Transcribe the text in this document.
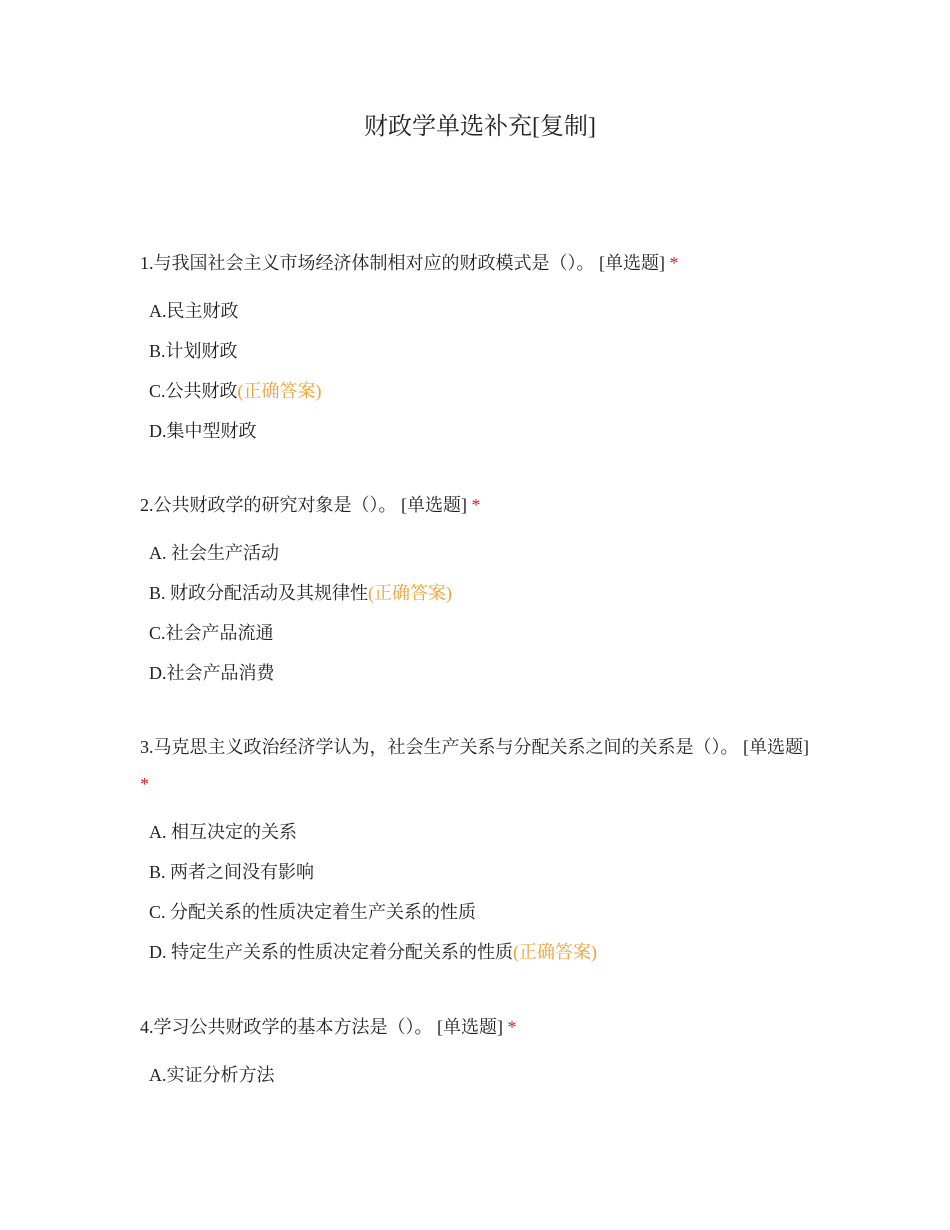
财政学单选补充[复制]

1.与我国社会主义市场经济体制相对应的财政模式是（）。 [单选题] *

A.民主财政
B.计划财政
C.公共财政(正确答案)
D.集中型财政

2.公共财政学的研究对象是（）。 [单选题] *

A. 社会生产活动
B. 财政分配活动及其规律性(正确答案)
C.社会产品流通
D.社会产品消费

3.马克思主义政治经济学认为，社会生产关系与分配关系之间的关系是（）。 [单选题] *

A. 相互决定的关系
B. 两者之间没有影响
C. 分配关系的性质决定着生产关系的性质
D. 特定生产关系的性质决定着分配关系的性质(正确答案)

4.学习公共财政学的基本方法是（）。 [单选题] *

A.实证分析方法
